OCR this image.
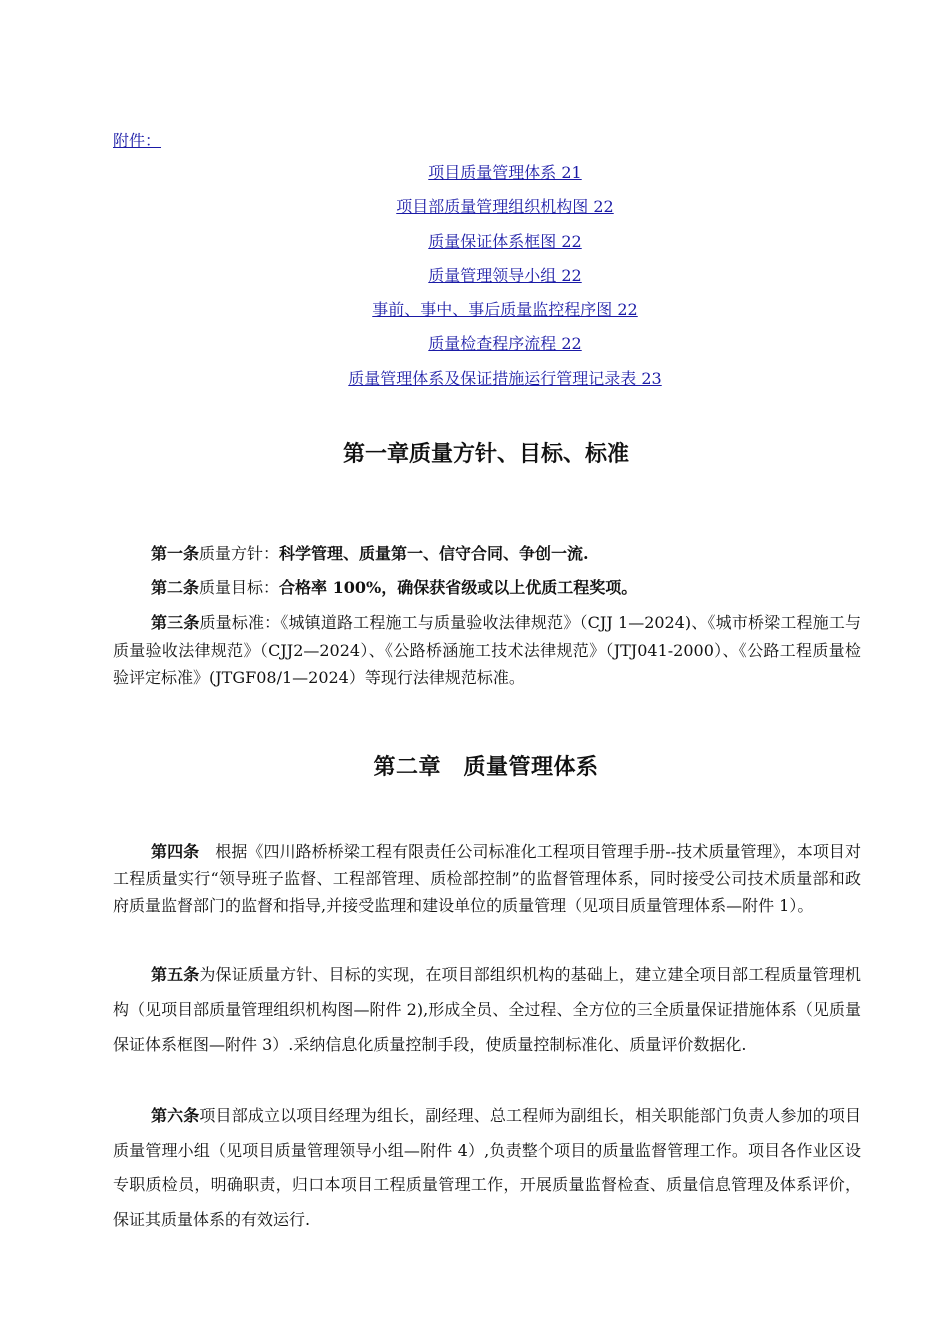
附件：
项目质量管理体系 21
项目部质量管理组织机构图 22
质量保证体系框图 22
质量管理领导小组 22
事前、事中、事后质量监控程序图 22
质量检查程序流程 22
质量管理体系及保证措施运行管理记录表 23
第一章质量方针、目标、标准

第一条质量方针：科学管理、质量第一、信守合同、争创一流.

第二条质量目标：合格率 100%，确保获省级或以上优质工程奖项。

第三条质量标准：《城镇道路工程施工与质量验收法律规范》（CJJ 1—2024)、《城市桥梁工程施工与质量验收法律规范》（CJJ2—2024）、《公路桥涵施工技术法律规范》（JTJ041-2000）、《公路工程质量检验评定标准》(JTGF08/1—2024）等现行法律规范标准。

第二章　质量管理体系

第四条　根据《四川路桥桥梁工程有限责任公司标准化工程项目管理手册--技术质量管理》，本项目对工程质量实行“领导班子监督、工程部管理、质检部控制”的监督管理体系，同时接受公司技术质量部和政府质量监督部门的监督和指导,并接受监理和建设单位的质量管理（见项目质量管理体系—附件 1）。

第五条为保证质量方针、目标的实现，在项目部组织机构的基础上，建立建全项目部工程质量管理机构（见项目部质量管理组织机构图—附件 2),形成全员、全过程、全方位的三全质量保证措施体系（见质量保证体系框图—附件 3）.采纳信息化质量控制手段，使质量控制标准化、质量评价数据化.

第六条项目部成立以项目经理为组长，副经理、总工程师为副组长，相关职能部门负责人参加的项目质量管理小组（见项目质量管理领导小组—附件 4）,负责整个项目的质量监督管理工作。项目各作业区设专职质检员，明确职责，归口本项目工程质量管理工作，开展质量监督检查、质量信息管理及体系评价，保证其质量体系的有效运行.
